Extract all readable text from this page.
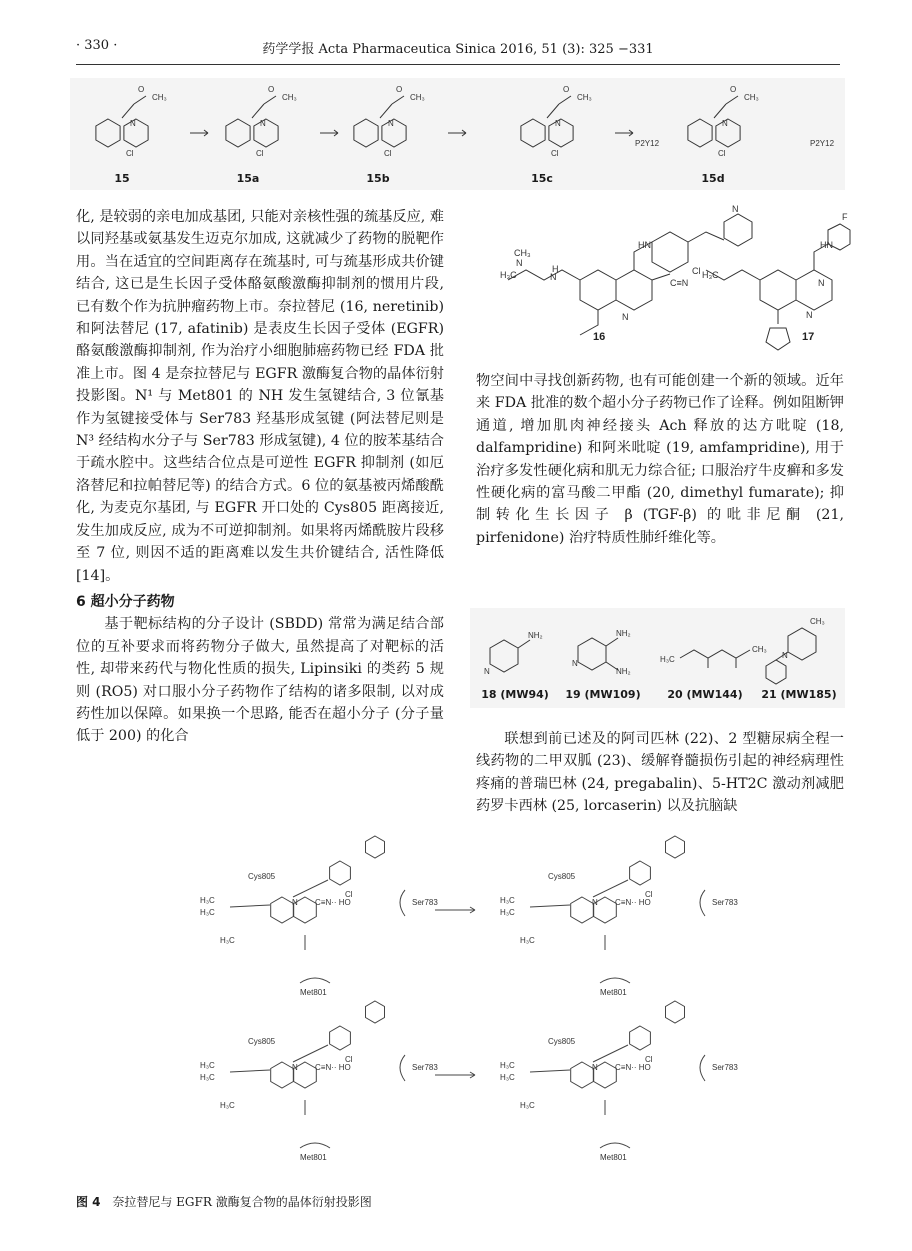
· 330 ·	药学学报 Acta Pharmaceutica Sinica 2016, 51 (3): 325 −331
N
Cl
O
CH₃
N
Cl
O
CH₃
N
Cl
O
CH₃
N
Cl
O
CH₃
N
Cl
O
CH₃
P2Y12	P2Y12
15	15a	15b	15c	15d

化, 是较弱的亲电加成基团, 只能对亲核性强的巯基反应, 难以同羟基或氨基发生迈克尔加成, 这就减少了药物的脱靶作用。当在适宜的空间距离存在巯基时, 可与巯基形成共价键结合, 这已是生长因子受体酪氨酸激酶抑制剂的惯用片段, 已有数个作为抗肿瘤药物上市。奈拉替尼 (16, neretinib) 和阿法替尼 (17, afatinib) 是表皮生长因子受体 (EGFR) 酪氨酸激酶抑制剂, 作为治疗小细胞肺癌药物已经 FDA 批准上市。图 4 是奈拉替尼与 EGFR 激酶复合物的晶体衍射投影图。N¹ 与 Met801 的 NH 发生氢键结合, 3 位氰基作为氢键接受体与 Ser783 羟基形成氢键 (阿法替尼则是 N³ 经结构水分子与 Ser783 形成氢键), 4 位的胺苯基结合于疏水腔中。这些结合位点是可逆性 EGFR 抑制剂 (如厄洛替尼和拉帕替尼等) 的结合方式。6 位的氨基被丙烯酸酰化, 为麦克尔基团, 与 EGFR 开口处的 Cys805 距离接近, 发生加成反应, 成为不可逆抑制剂。如果将丙烯酰胺片段移至 7 位, 则因不适的距离难以发生共价键结合, 活性降低[14]。

6 超小分子药物

基于靶标结构的分子设计 (SBDD) 常常为满足结合部位的互补要求而将药物分子做大, 虽然提高了对靶标的活性, 却带来药代与物化性质的损失, Lipinsiki 的类药 5 规则 (RO5) 对口服小分子药物作了结构的诸多限制, 以对成药性加以保障。如果换一个思路, 能否在超小分子 (分子量低于 200) 的化合

H₃C
N
CH₃
H
N
N
HN
Cl
C≡N
N
H₃C
N
N
HN
F
16	17

物空间中寻找创新药物, 也有可能创建一个新的领域。近年来 FDA 批准的数个超小分子药物已作了诠释。例如阻断钾通道, 增加肌肉神经接头 Ach 释放的达方吡啶 (18, dalfampridine) 和阿米吡啶 (19, amfampridine), 用于治疗多发性硬化病和肌无力综合征; 口服治疗牛皮癣和多发性硬化病的富马酸二甲酯 (20, dimethyl fumarate); 抑制转化生长因子 β (TGF-β) 的吡非尼酮 (21, pirfenidone) 治疗特质性肺纤维化等。

NH₂
N
NH₂
NH₂
N	H₃C
CH₃
CH₃
N
18 (MW94)	19 (MW109)	20 (MW144)	21 (MW185)

联想到前已述及的阿司匹林 (22)、2 型糖尿病全程一线药物的二甲双胍 (23)、缓解脊髓损伤引起的神经病理性疼痛的普瑞巴林 (24, pregabalin)、5-HT2C 激动剂减肥药罗卡西林 (25, lorcaserin) 以及抗脑缺

H₃C
H₃C
H₃C
N C≡N·· HO
Cl
Cys805
Ser783
Met801
H₃C
H₃C
H₃C
N C≡N·· HO
Cl
Cys805
Ser783
Met801
H₃C
H₃C
H₃C
N C≡N·· HO
Cl
Cys805
Ser783
Met801
H₃C
H₃C
H₃C
N C≡N·· HO
Cl
Cys805
Ser783
Met801
图 4 奈拉替尼与 EGFR 激酶复合物的晶体衍射投影图
